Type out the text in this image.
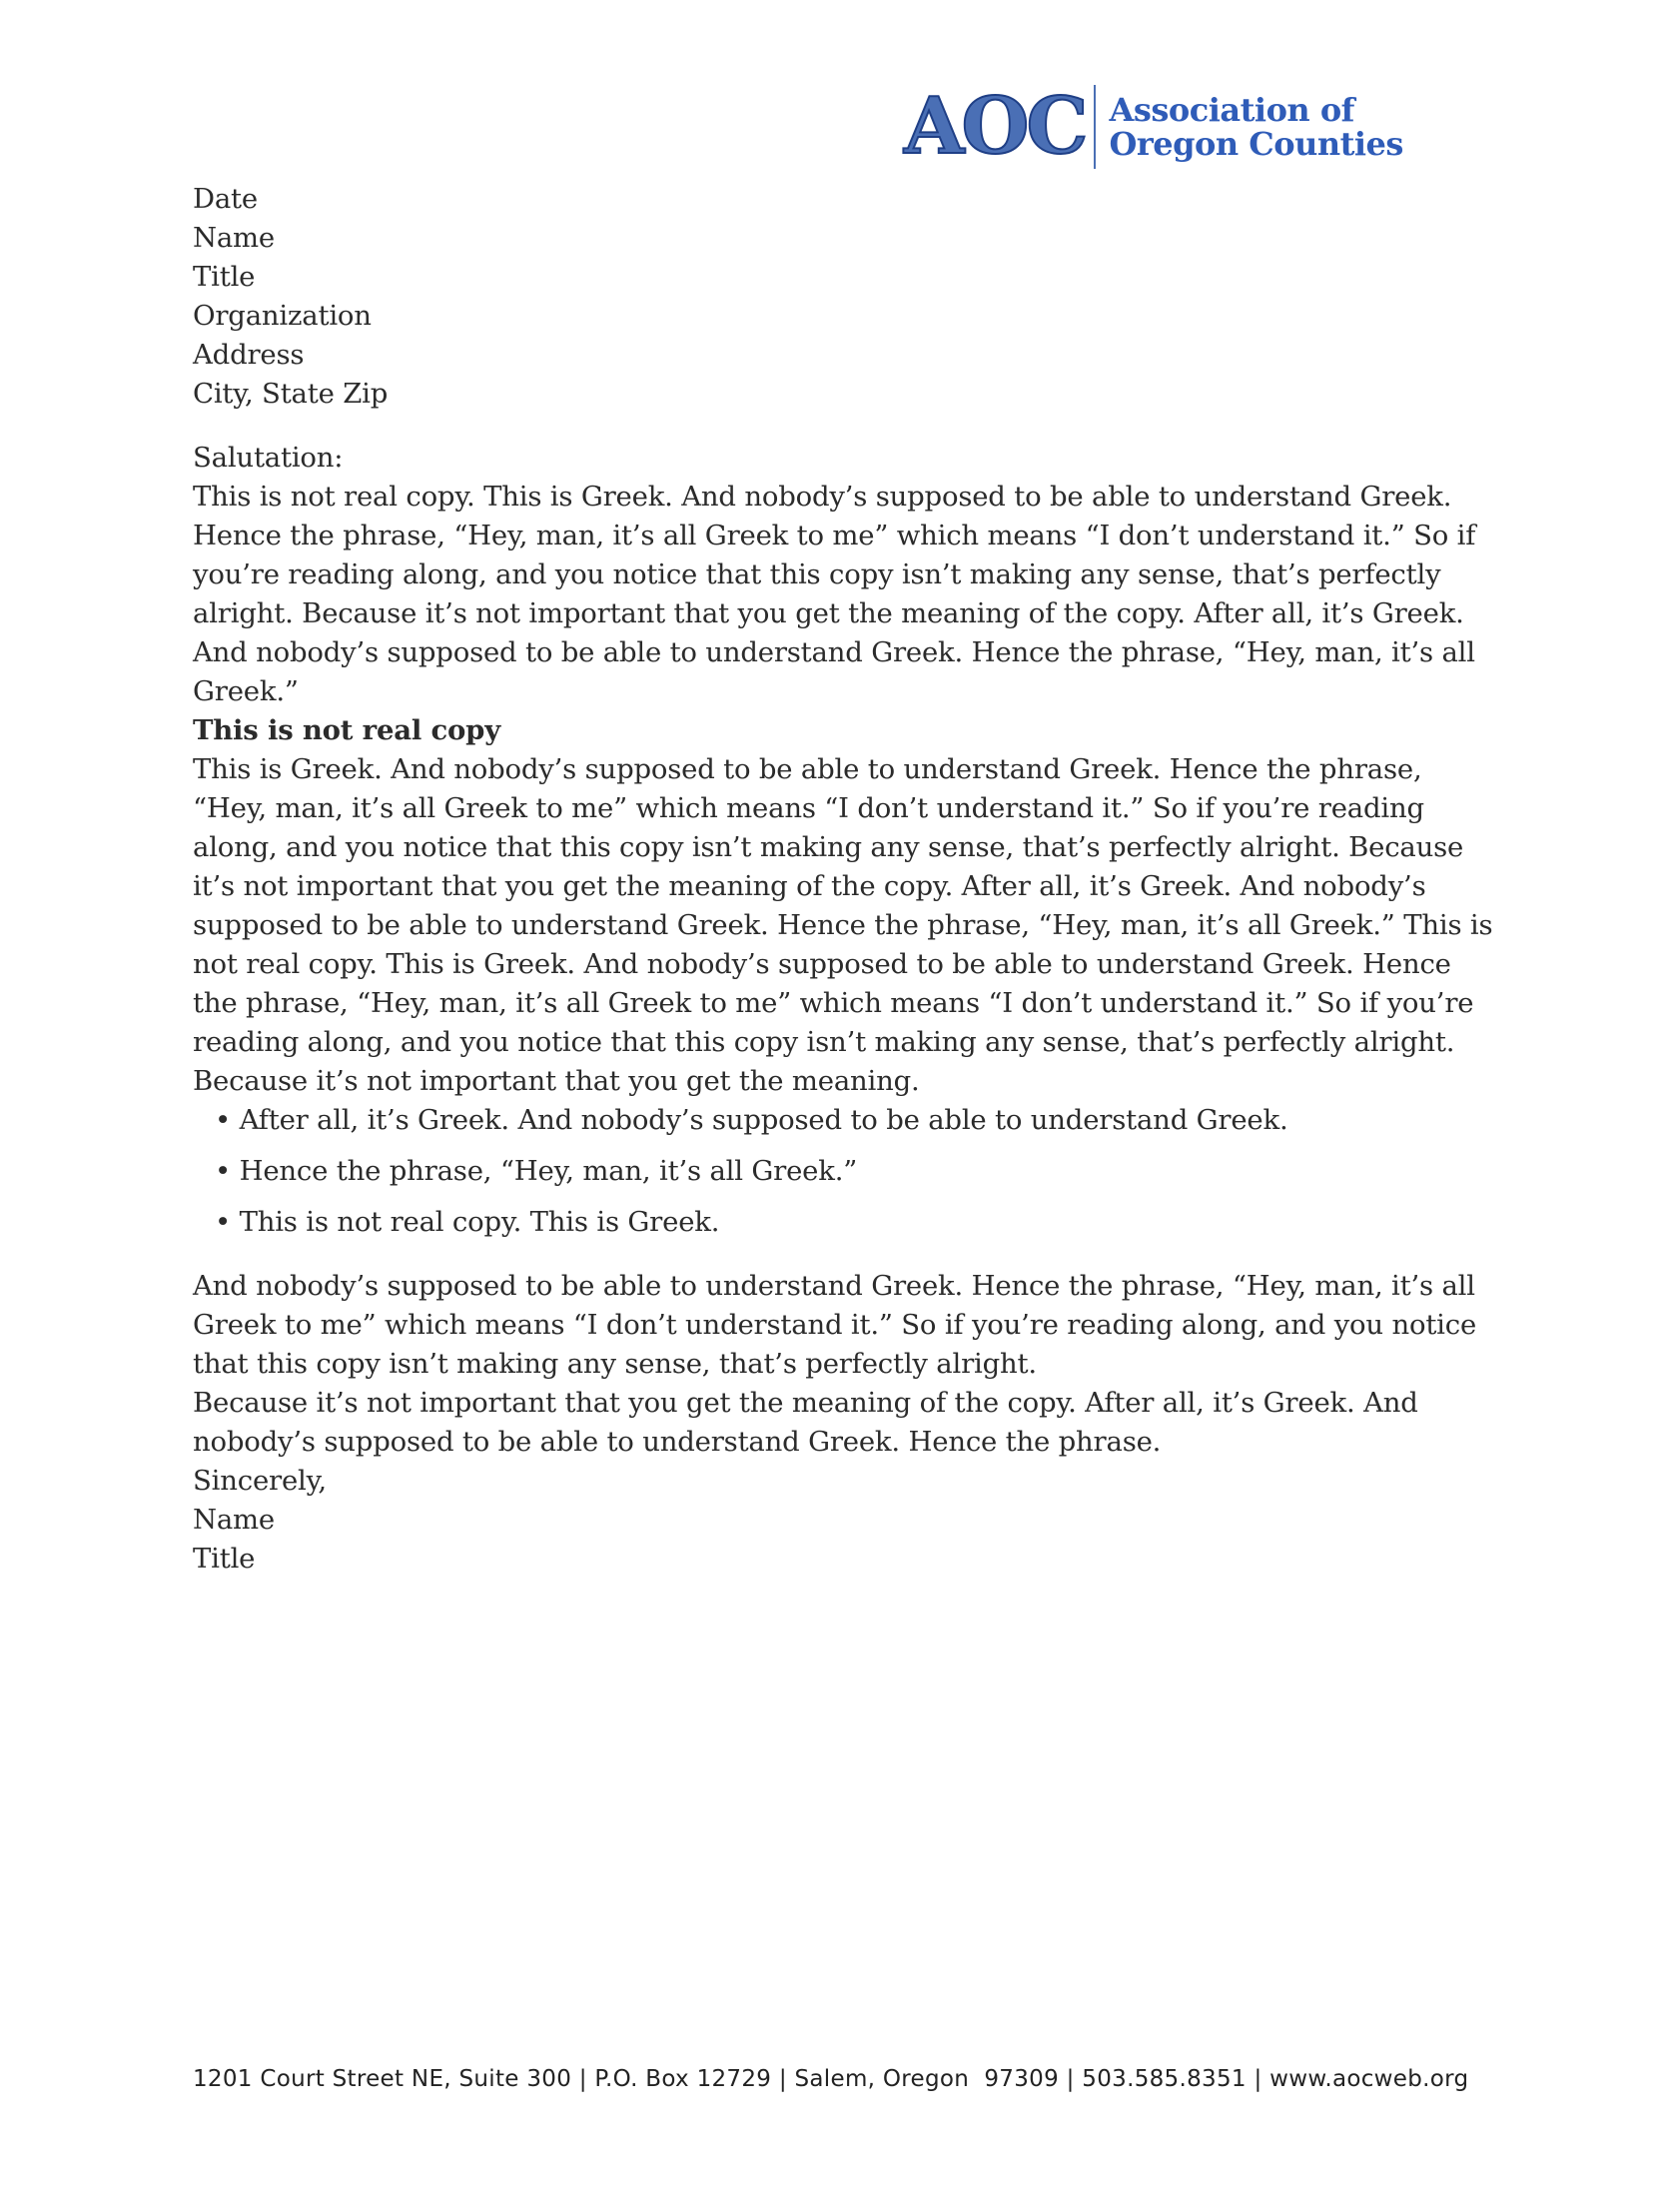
AOC Association of
Oregon Counties

Date

Name

Title

Organization

Address

City, State Zip

Salutation:

This is not real copy. This is Greek. And nobody’s supposed to be able to understand Greek. Hence the phrase, “Hey, man, it’s all Greek to me” which means “I don’t understand it.” So if you’re reading along, and you notice that this copy isn’t making any sense, that’s perfectly alright. Because it’s not important that you get the meaning of the copy. After all, it’s Greek. And nobody’s supposed to be able to understand Greek. Hence the phrase, “Hey, man, it’s all Greek.”

This is not real copy

This is Greek. And nobody’s supposed to be able to understand Greek. Hence the phrase, “Hey, man, it’s all Greek to me” which means “I don’t understand it.” So if you’re reading along, and you notice that this copy isn’t making any sense, that’s perfectly alright. Because it’s not important that you get the meaning of the copy. After all, it’s Greek. And nobody’s supposed to be able to understand Greek. Hence the phrase, “Hey, man, it’s all Greek.” This is not real copy. This is Greek. And nobody’s supposed to be able to understand Greek. Hence the phrase, “Hey, man, it’s all Greek to me” which means “I don’t understand it.” So if you’re reading along, and you notice that this copy isn’t making any sense, that’s perfectly alright. Because it’s not important that you get the meaning.

• After all, it’s Greek. And nobody’s supposed to be able to understand Greek.
• Hence the phrase, “Hey, man, it’s all Greek.”
• This is not real copy. This is Greek.

And nobody’s supposed to be able to understand Greek. Hence the phrase, “Hey, man, it’s all Greek to me” which means “I don’t understand it.” So if you’re reading along, and you notice that this copy isn’t making any sense, that’s perfectly alright.

Because it’s not important that you get the meaning of the copy. After all, it’s Greek. And nobody’s supposed to be able to understand Greek. Hence the phrase.

Sincerely,

Name

Title

1201 Court Street NE, Suite 300 | P.O. Box 12729 | Salem, Oregon  97309 | 503.585.8351 | www.aocweb.org
